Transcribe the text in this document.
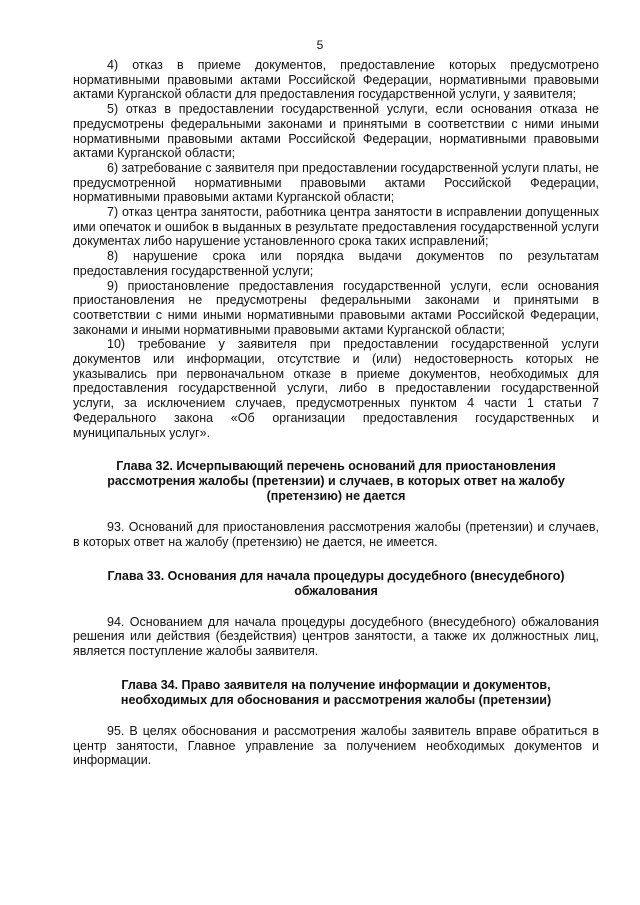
5

4) отказ в приеме документов, предоставление которых предусмотрено нормативными правовыми актами Российской Федерации, нормативными правовыми актами Курганской области для предоставления государственной услуги, у заявителя;

5) отказ в предоставлении государственной услуги, если основания отказа не предусмотрены федеральными законами и принятыми в соответствии с ними иными нормативными правовыми актами Российской Федерации, нормативными правовыми актами Курганской области;

6) затребование с заявителя при предоставлении государственной услуги платы, не предусмотренной нормативными правовыми актами Российской Федерации, нормативными правовыми актами Курганской области;

7) отказ центра занятости, работника центра занятости в исправлении допущенных ими опечаток и ошибок в выданных в результате предоставления государственной услуги документах либо нарушение установленного срока таких исправлений;

8) нарушение срока или порядка выдачи документов по результатам предоставления государственной услуги;

9) приостановление предоставления государственной услуги, если основания приостановления не предусмотрены федеральными законами и принятыми в соответствии с ними иными нормативными правовыми актами Российской Федерации, законами и иными нормативными правовыми актами Курганской области;

10) требование у заявителя при предоставлении государственной услуги документов или информации, отсутствие и (или) недостоверность которых не указывались при первоначальном отказе в приеме документов, необходимых для предоставления государственной услуги, либо в предоставлении государственной услуги, за исключением случаев, предусмотренных пунктом 4 части 1 статьи 7 Федерального закона «Об организации предоставления государственных и муниципальных услуг».

Глава 32. Исчерпывающий перечень оснований для приостановления рассмотрения жалобы (претензии) и случаев, в которых ответ на жалобу (претензию) не дается

93. Оснований для приостановления рассмотрения жалобы (претензии) и случаев, в которых ответ на жалобу (претензию) не дается, не имеется.

Глава 33. Основания для начала процедуры досудебного (внесудебного) обжалования

94. Основанием для начала процедуры досудебного (внесудебного) обжалования решения или действия (бездействия) центров занятости, а также их должностных лиц, является поступление жалобы заявителя.

Глава 34. Право заявителя на получение информации и документов, необходимых для обоснования и рассмотрения жалобы (претензии)

95. В целях обоснования и рассмотрения жалобы заявитель вправе обратиться в центр занятости, Главное управление за получением необходимых документов и информации.
